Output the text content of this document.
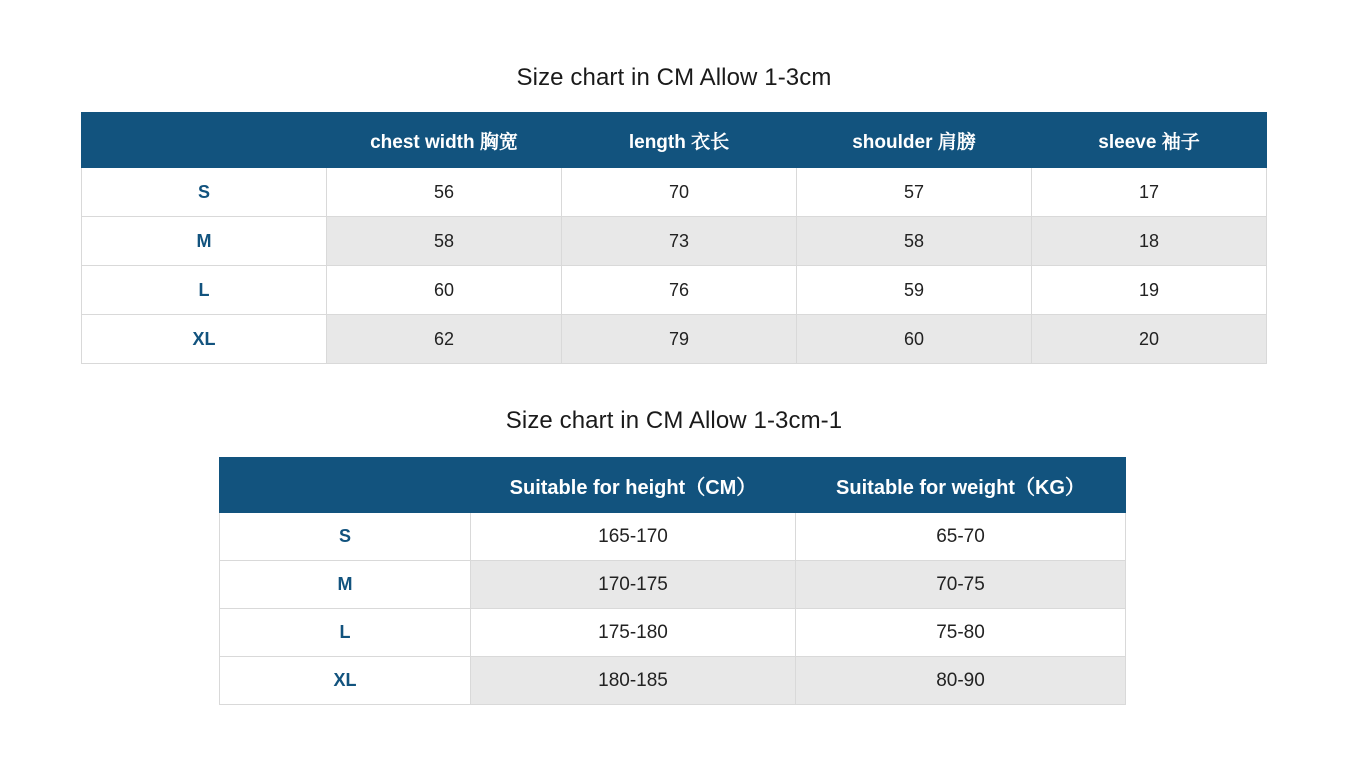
Size chart in CM Allow 1-3cm
	chest width 胸宽	length 衣长	shoulder 肩膀	sleeve 袖子
S	56	70	57	17
M	58	73	58	18
L	60	76	59	19
XL	62	79	60	20
Size chart in CM Allow 1-3cm-1
	Suitable for height（CM）	Suitable for weight（KG）
S	165-170	65-70
M	170-175	70-75
L	175-180	75-80
XL	180-185	80-90
